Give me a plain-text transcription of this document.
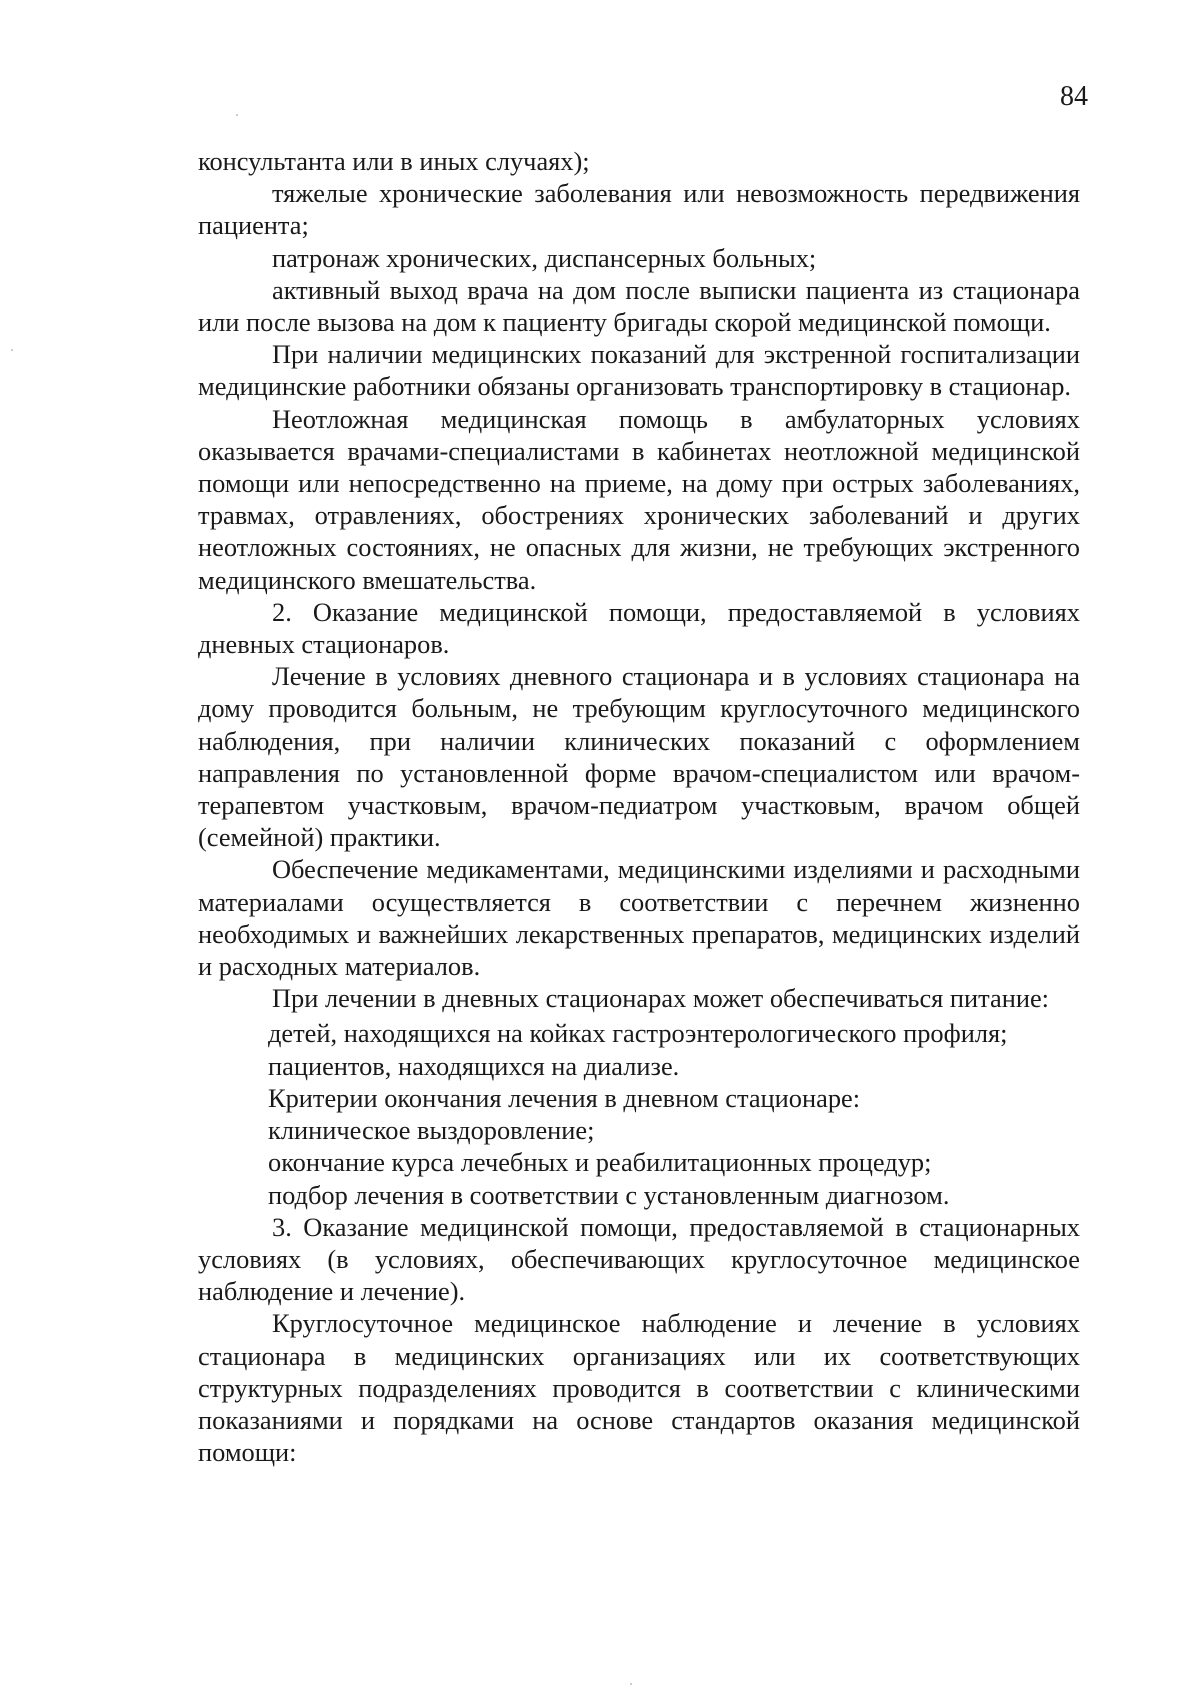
84

консультанта или в иных случаях);

тяжелые хронические заболевания или невозможность передвижения пациента;

патронаж хронических, диспансерных больных;

активный выход врача на дом после выписки пациента из стационара или после вызова на дом к пациенту бригады скорой медицинской помощи.

При наличии медицинских показаний для экстренной госпитализации медицинские работники обязаны организовать транспортировку в стационар.

Неотложная медицинская помощь в амбулаторных условиях оказывается врачами-специалистами в кабинетах неотложной медицинской помощи или непосредственно на приеме, на дому при острых заболеваниях, травмах, отравлениях, обострениях хронических заболеваний и других неотложных состояниях, не опасных для жизни, не требующих экстренного медицинского вмешательства.

2. Оказание медицинской помощи, предоставляемой в условиях дневных стационаров.

Лечение в условиях дневного стационара и в условиях стационара на дому проводится больным, не требующим круглосуточного медицинского наблюдения, при наличии клинических показаний с оформлением направления по установленной форме врачом-специалистом или врачом-терапевтом участковым, врачом-педиатром участковым, врачом общей (семейной) практики.

Обеспечение медикаментами, медицинскими изделиями и расходными материалами осуществляется в соответствии с перечнем жизненно необходимых и важнейших лекарственных препаратов, медицинских изделий и расходных материалов.

При лечении в дневных стационарах может обеспечиваться питание:

детей, находящихся на койках гастроэнтерологического профиля;

пациентов, находящихся на диализе.

Критерии окончания лечения в дневном стационаре:

клиническое выздоровление;

окончание курса лечебных и реабилитационных процедур;

подбор лечения в соответствии с установленным диагнозом.

3. Оказание медицинской помощи, предоставляемой в стационарных условиях (в условиях, обеспечивающих круглосуточное медицинское наблюдение и лечение).

Круглосуточное медицинское наблюдение и лечение в условиях стационара в медицинских организациях или их соответствующих структурных подразделениях проводится в соответствии с клиническими показаниями и порядками на основе стандартов оказания медицинской помощи:
